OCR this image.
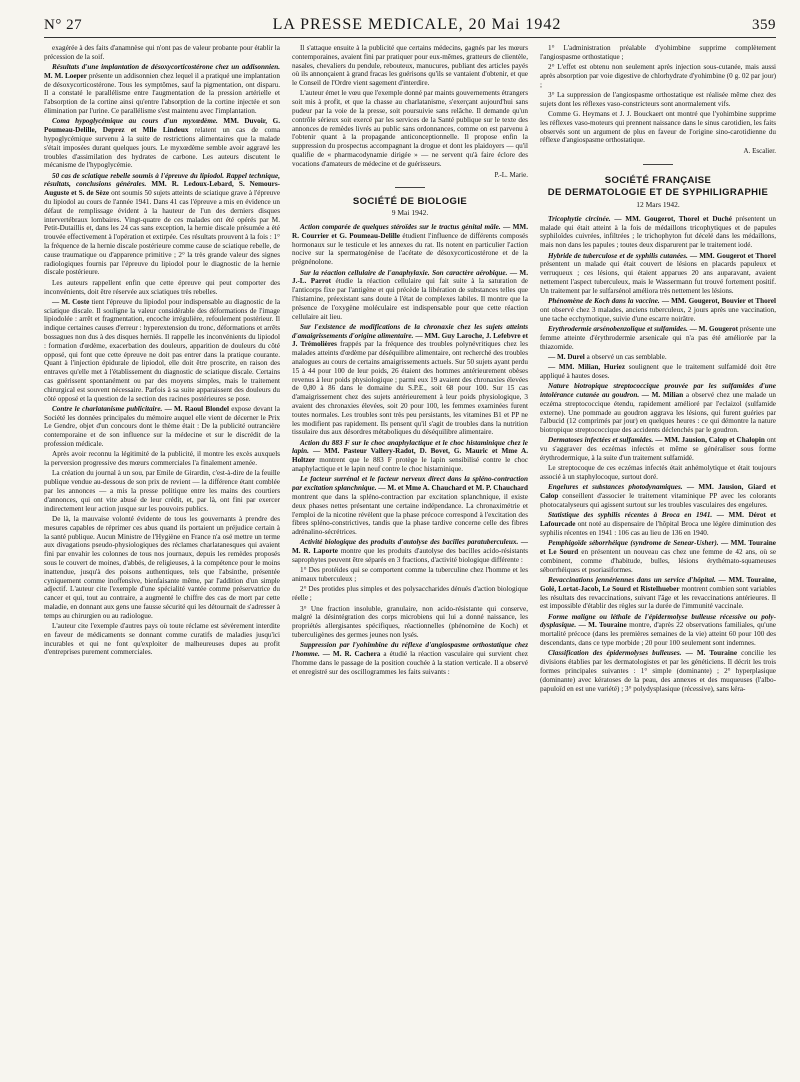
N° 27	LA PRESSE MEDICALE, 20 Mai 1942	359

exagérée à des faits d'anamnèse qui n'ont pas de valeur probante pour établir la précession de la soif.

Résultats d'une implantation de désoxycorticostérone chez un addisonnien. M. M. Loeper présente un addisonnien chez lequel il a pratiqué une implantation de désoxycorticostérone. Tous les symptômes, sauf la pigmentation, ont disparu. Il a constaté le parallélisme entre l'augmentation de la pression artérielle et l'absorption de la cortine ainsi qu'entre l'absorption de la cortine injectée et son élimination par l'urine. Ce parallélisme s'est maintenu avec l'implantation.

Coma hypoglycémique au cours d'un myxœdème. MM. Duvoir, G. Poumeau-Delille, Deprez et Mlle Lindeux relatent un cas de coma hypoglycémique survenu à la suite de restrictions alimentaires que la malade s'était imposées durant quelques jours. Le myxœdème semble avoir aggravé les troubles d'assimilation des hydrates de carbone. Les auteurs discutent le mécanisme de l'hypoglycémie.

50 cas de sciatique rebelle soumis à l'épreuve du lipiodol. Rappel technique, résultats, conclusions générales. MM. R. Ledoux-Lebard, S. Nemours-Auguste et S. de Sèze ont soumis 50 sujets atteints de sciatique grave à l'épreuve du lipiodol au cours de l'année 1941. Dans 41 cas l'épreuve a mis en évidence un défaut de remplissage évident à la hauteur de l'un des derniers disques intervertébraux lombaires. Vingt-quatre de ces malades ont été opérés par M. Petit-Dutaillis et, dans les 24 cas sans exception, la hernie discale présumée a été trouvée effectivement à l'opération et extirpée. Ces résultats prouvent à la fois : 1° la fréquence de la hernie discale postérieure comme cause de sciatique rebelle, de cause traumatique ou d'apparence primitive ; 2° la très grande valeur des signes radiologiques fournis par l'épreuve du lipiodol pour le diagnostic de la hernie discale postérieure.

Les auteurs rappellent enfin que cette épreuve qui peut comporter des inconvénients, doit être réservée aux sciatiques très rebelles.

— M. Coste tient l'épreuve du lipiodol pour indispensable au diagnostic de la sciatique discale. Il souligne la valeur considérable des déformations de l'image lipiodolée : arrêt et fragmentation, encoche irrégulière, refoulement postérieur. Il indique certaines causes d'erreur : hyperextension du tronc, déformations et arrêts bossagues non dus à des disques herniés. Il rappelle les inconvénients du lipiodol : formation d'œdème, exacerbation des douleurs, apparition de douleurs du côté opposé, qui font que cette épreuve ne doit pas entrer dans la pratique courante. Quant à l'injection épidurale de lipiodol, elle doit être proscrite, en raison des entraves qu'elle met à l'établissement du diagnostic de sciatique discale. Certains cas guérissent spontanément ou par des moyens simples, mais le traitement chirurgical est souvent nécessaire. Parfois à sa suite apparaissent des douleurs du côté opposé et la question de la section des racines postérieures se pose.

Contre le charlatanisme publicitaire. — M. Raoul Blondel expose devant la Société les données principales du mémoire auquel elle vient de décerner le Prix Le Gendre, objet d'un concours dont le thème était : De la publicité outrancière contemporaine et de son influence sur la médecine et sur le discrédit de la profession médicale.

Après avoir reconnu la légitimité de la publicité, il montre les excès auxquels la perversion progressive des mœurs commerciales l'a finalement amenée.

La création du journal à un sou, par Emile de Girardin, c'est-à-dire de la feuille publique vendue au-dessous de son prix de revient — la différence étant comblée par les annonces — a mis la presse politique entre les mains des courtiers d'annonces, qui ont vite abusé de leur crédit, et, par là, ont fini par exercer indirectement leur action jusque sur les pouvoirs publics.

De là, la mauvaise volonté évidente de tous les gouvernants à prendre des mesures capables de réprimer ces abus quand ils portaient un préjudice certain à la santé publique. Aucun Ministre de l'Hygiène en France n'a osé mettre un terme aux divagations pseudo-physiologiques des réclames charlatanesques qui avaient fini par envahir les colonnes de tous nos journaux, depuis les remèdes proposés sous le couvert de moines, d'abbés, de religieuses, à la compétence pour le moins inattendue, jusqu'à des poisons authentiques, tels que l'absinthe, présentée cyniquement comme inoffensive, bienfaisante même, par l'addition d'un simple adjectif. L'auteur cite l'exemple d'une spécialité vantée comme préservatrice du cancer et qui, tout au contraire, a augmenté le chiffre des cas de mort par cette maladie, en donnant aux gens une fausse sécurité qui les détournait de s'adresser à temps au chirurgien ou au radiologue.

L'auteur cite l'exemple d'autres pays où toute réclame est sévèrement interdite en faveur de médicaments se donnant comme curatifs de maladies jusqu'ici incurables et qui ne font qu'exploiter de malheureuses dupes au profit d'entreprises purement commerciales.

Il s'attaque ensuite à la publicité que certains médecins, gagnés par les mœurs contemporaines, avaient fini par pratiquer pour eux-mêmes, gratteurs de clientèle, nasales, chevaliers du pendule, rebouteux, manucures, publiant des articles payés où ils annonçaient à grand fracas les guérisons qu'ils se vantaient d'obtenir, et que le Conseil de l'Ordre vient sagement d'interdire.

L'auteur émet le vœu que l'exemple donné par maints gouvernements étrangers soit mis à profit, et que la chasse au charlatanisme, s'exerçant aujourd'hui sans pudeur par la voie de la presse, soit poursuivie sans relâche. Il demande qu'un contrôle sérieux soit exercé par les services de la Santé publique sur le texte des annonces de remèdes livrés au public sans ordonnances, comme on est parvenu à l'obtenir quant à la propagande anticonceptionnelle. Il propose enfin la suppression du prospectus accompagnant la drogue et dont les plaidoyers — qu'il qualifie de « pharmacodynamie dirigée » — ne servent qu'à faire éclore des vocations d'amateurs de médecine et de guérisseurs.

P.-L. Marie.
SOCIÉTÉ DE BIOLOGIE
9 Mai 1942.

Action comparée de quelques stéroïdes sur le tractus génital mâle. — MM. R. Courrier et G. Poumeau-Delille étudient l'influence de différents composés hormonaux sur le testicule et les annexes du rat. Ils notent en particulier l'action nocive sur la spermatogénèse de l'acétate de désoxycorticostérone et de la prégnénolone.

Sur la réaction cellulaire de l'anaphylaxie. Son caractère aérobique. — M. J.-L. Parrot étudie la réaction cellulaire qui fait suite à la saturation de l'anticorps fixe par l'antigène et qui précède la libération de substances telles que l'histamine, préexistant sans doute à l'état de complexes labiles. Il montre que la présence de l'oxygène moléculaire est indispensable pour que cette réaction cellulaire ait lieu.

Sur l'existence de modifications de la chronaxie chez les sujets atteints d'amaigrissements d'origine alimentaire. — MM. Guy Laroche, J. Lefebvre et J. Trémolières frappés par la fréquence des troubles polynévritiques chez les malades atteints d'œdème par déséquilibre alimentaire, ont recherché des troubles analogues au cours de certains amaigrissements actuels. Sur 50 sujets ayant perdu 15 à 44 pour 100 de leur poids, 26 étaient des hommes antérieurement obèses revenus à leur poids physiologique ; parmi eux 19 avaient des chronaxies élevées de 0,80 à 86 dans le domaine du S.P.E., soit 68 pour 100. Sur 15 cas d'amaigrissement chez des sujets antérieurement à leur poids physiologique, 3 avaient des chronaxies élevées, soit 20 pour 100, les femmes examinées furent toutes normales. Les troubles sont très peu persistants, les vitamines B1 et PP ne les modifient pas rapidement. Ils pensent qu'il s'agit de troubles dans la nutrition tissulaire dus aux désordres métaboliques du déséquilibre alimentaire.

Action du 883 F sur le choc anaphylactique et le choc histaminique chez le lapin. — MM. Pasteur Vallery-Radot, D. Bovet, G. Mauric et Mme A. Holtzer montrent que le 883 F protège le lapin sensibilisé contre le choc anaphylactique et le lapin neuf contre le choc histaminique.

Le facteur surrénal et le facteur nerveux direct dans la spléno-contraction par excitation splanchnique. — M. et Mme A. Chauchard et M. P. Chauchard montrent que dans la spléno-contraction par excitation splanchnique, il existe deux phases nettes présentant une certaine indépendance. La chronaximétrie et l'emploi de la nicotine révèlent que la phase précoce correspond à l'excitation des fibres spléno-constrictives, tandis que la phase tardive concerne celle des fibres adrénalino-sécrétrices.

Activité biologique des produits d'autolyse des bacilles paratuberculeux. — M. R. Laporte montre que les produits d'autolyse des bacilles acido-résistants saprophytes peuvent être séparés en 3 fractions, d'activité biologique différente :

1° Des protéides qui se comportent comme la tuberculine chez l'homme et les animaux tuberculeux ;

2° Des protides plus simples et des polysaccharides dénués d'action biologique réelle ;

3° Une fraction insoluble, granulaire, non acido-résistante qui conserve, malgré la désintégration des corps microbiens qui lui a donné naissance, les propriétés allergisantes spécifiques, réactionnelles (phénomène de Koch) et tuberculigènes des germes jeunes non lysés.

Suppression par l'yohimbine du réflexe d'angiospasme orthostatique chez l'homme. — M. R. Cachera a étudié la réaction vasculaire qui survient chez l'homme dans le passage de la position couchée à la station verticale. Il a observé et enregistré sur des oscillogrammes les faits suivants :

1° L'administration préalable d'yohimbine supprime complètement l'angiospasme orthostatique ;

2° L'effet est obtenu non seulement après injection sous-cutanée, mais aussi après absorption par voie digestive de chlorhydrate d'yohimbine (0 g. 02 par jour) ;

3° La suppression de l'angiospasme orthostatique est réalisée même chez des sujets dont les réflexes vaso-constricteurs sont anormalement vifs.

Comme G. Heymans et J. J. Bouckaert ont montré que l'yohimbine supprime les réflexes vaso-moteurs qui prennent naissance dans le sinus carotidien, les faits observés sont un argument de plus en faveur de l'origine sino-carotidienne du réflexe d'angiospasme orthostatique.

A. Escalier.
SOCIÉTÉ FRANÇAISE
DE DERMATOLOGIE ET DE SYPHILIGRAPHIE
12 Mars 1942.

Tricophytie circinée. — MM. Gougerot, Thorel et Duché présentent un malade qui était atteint à la fois de médaillons tricophytiques et de papules syphiloïdes cuivrées, infiltrées ; le trichophyton fut décelé dans les médaillons, mais non dans les papules ; toutes deux disparurent par le traitement iodé.

Hybride de tuberculose et de syphilis cutanées. — MM. Gougerot et Thorel présentent un malade qui était couvert de lésions en placards papuleux et verruqueux ; ces lésions, qui étaient apparues 20 ans auparavant, avaient nettement l'aspect tuberculeux, mais le Wassermann fut trouvé fortement positif. Un traitement par le sulfarsénol améliora très nettement les lésions.

Phénomène de Koch dans la vaccine. — MM. Gougerot, Bouvier et Thorel ont observé chez 3 malades, anciens tuberculeux, 2 jours après une vaccination, une tache ecchymotique, suivie d'une escarre noirâtre.

Erythrodermie arsénobenzolique et sulfamides. — M. Gougerot présente une femme atteinte d'érythrodermie arsenicale qui n'a pas été améliorée par la thiazomide.

— M. Durel a observé un cas semblable.

— MM. Milian, Huriez soulignent que le traitement sulfamidé doit être appliqué à hautes doses.

Nature biotropique streptococcique prouvée par les sulfamides d'une intolérance cutanée au goudron. — M. Milian a observé chez une malade un eczéma streptococcique étendu, rapidement amélioré par l'eclaizol (sulfamide externe). Une pommade au goudron aggrava les lésions, qui furent guéries par l'albucid (12 comprimés par jour) en quelques heures : ce qui démontre la nature biotropique streptococcique des accidents déclenchés par le goudron.

Dermatoses infectées et sulfamides. — MM. Jausion, Calop et Chalopin ont vu s'aggraver des eczémas infectés et même se généraliser sous forme érythrodermique, à la suite d'un traitement sulfamidé.

Le streptocoque de ces eczémas infectés était anhémolytique et était toujours associé à un staphylocoque, surtout doré.

Engelures et substances photodynamiques. — MM. Jausion, Giard et Calop conseillent d'associer le traitement vitaminique PP avec les colorants photocatalyseurs qui agissent surtout sur les troubles vasculaires des engelures.

Statistique des syphilis récentes à Broca en 1941. — MM. Dérot et Lafourcade ont noté au dispensaire de l'hôpital Broca une légère diminution des syphilis récentes en 1941 : 106 cas au lieu de 136 en 1940.

Pemphigoïde séborrhéique (syndrome de Senear-Usher). — MM. Touraine et Le Sourd en présentent un nouveau cas chez une femme de 42 ans, où se combinent, comme d'habitude, bulles, lésions érythémato-squameuses séborrhéiques et psoriasiformes.

Revaccinations jennériennes dans un service d'hôpital. — MM. Touraine, Golé, Lortat-Jacob, Le Sourd et Ristelhueber montrent combien sont variables les résultats des revaccinations, suivant l'âge et les revaccinations antérieures. Il est impossible d'établir des règles sur la durée de l'immunité vaccinale.

Forme maligne ou léthale de l'épidermolyse bulleuse récessive ou poly-dysplasique. — M. Touraine montre, d'après 22 observations familiales, qu'une mortalité précoce (dans les premières semaines de la vie) atteint 60 pour 100 des descendants, dans ce type morbide ; 20 pour 100 seulement sont indemnes.

Classification des épidermolyses bulleuses. — M. Touraine concilie les divisions établies par les dermatologistes et par les généticiens. Il décrit les trois formes principales suivantes : 1° simple (dominante) ; 2° hyperplasique (dominante) avec kératoses de la peau, des annexes et des muqueuses (l'albo-papuloïd en est une variété) ; 3° polydysplasique (récessive), sans kéra-
